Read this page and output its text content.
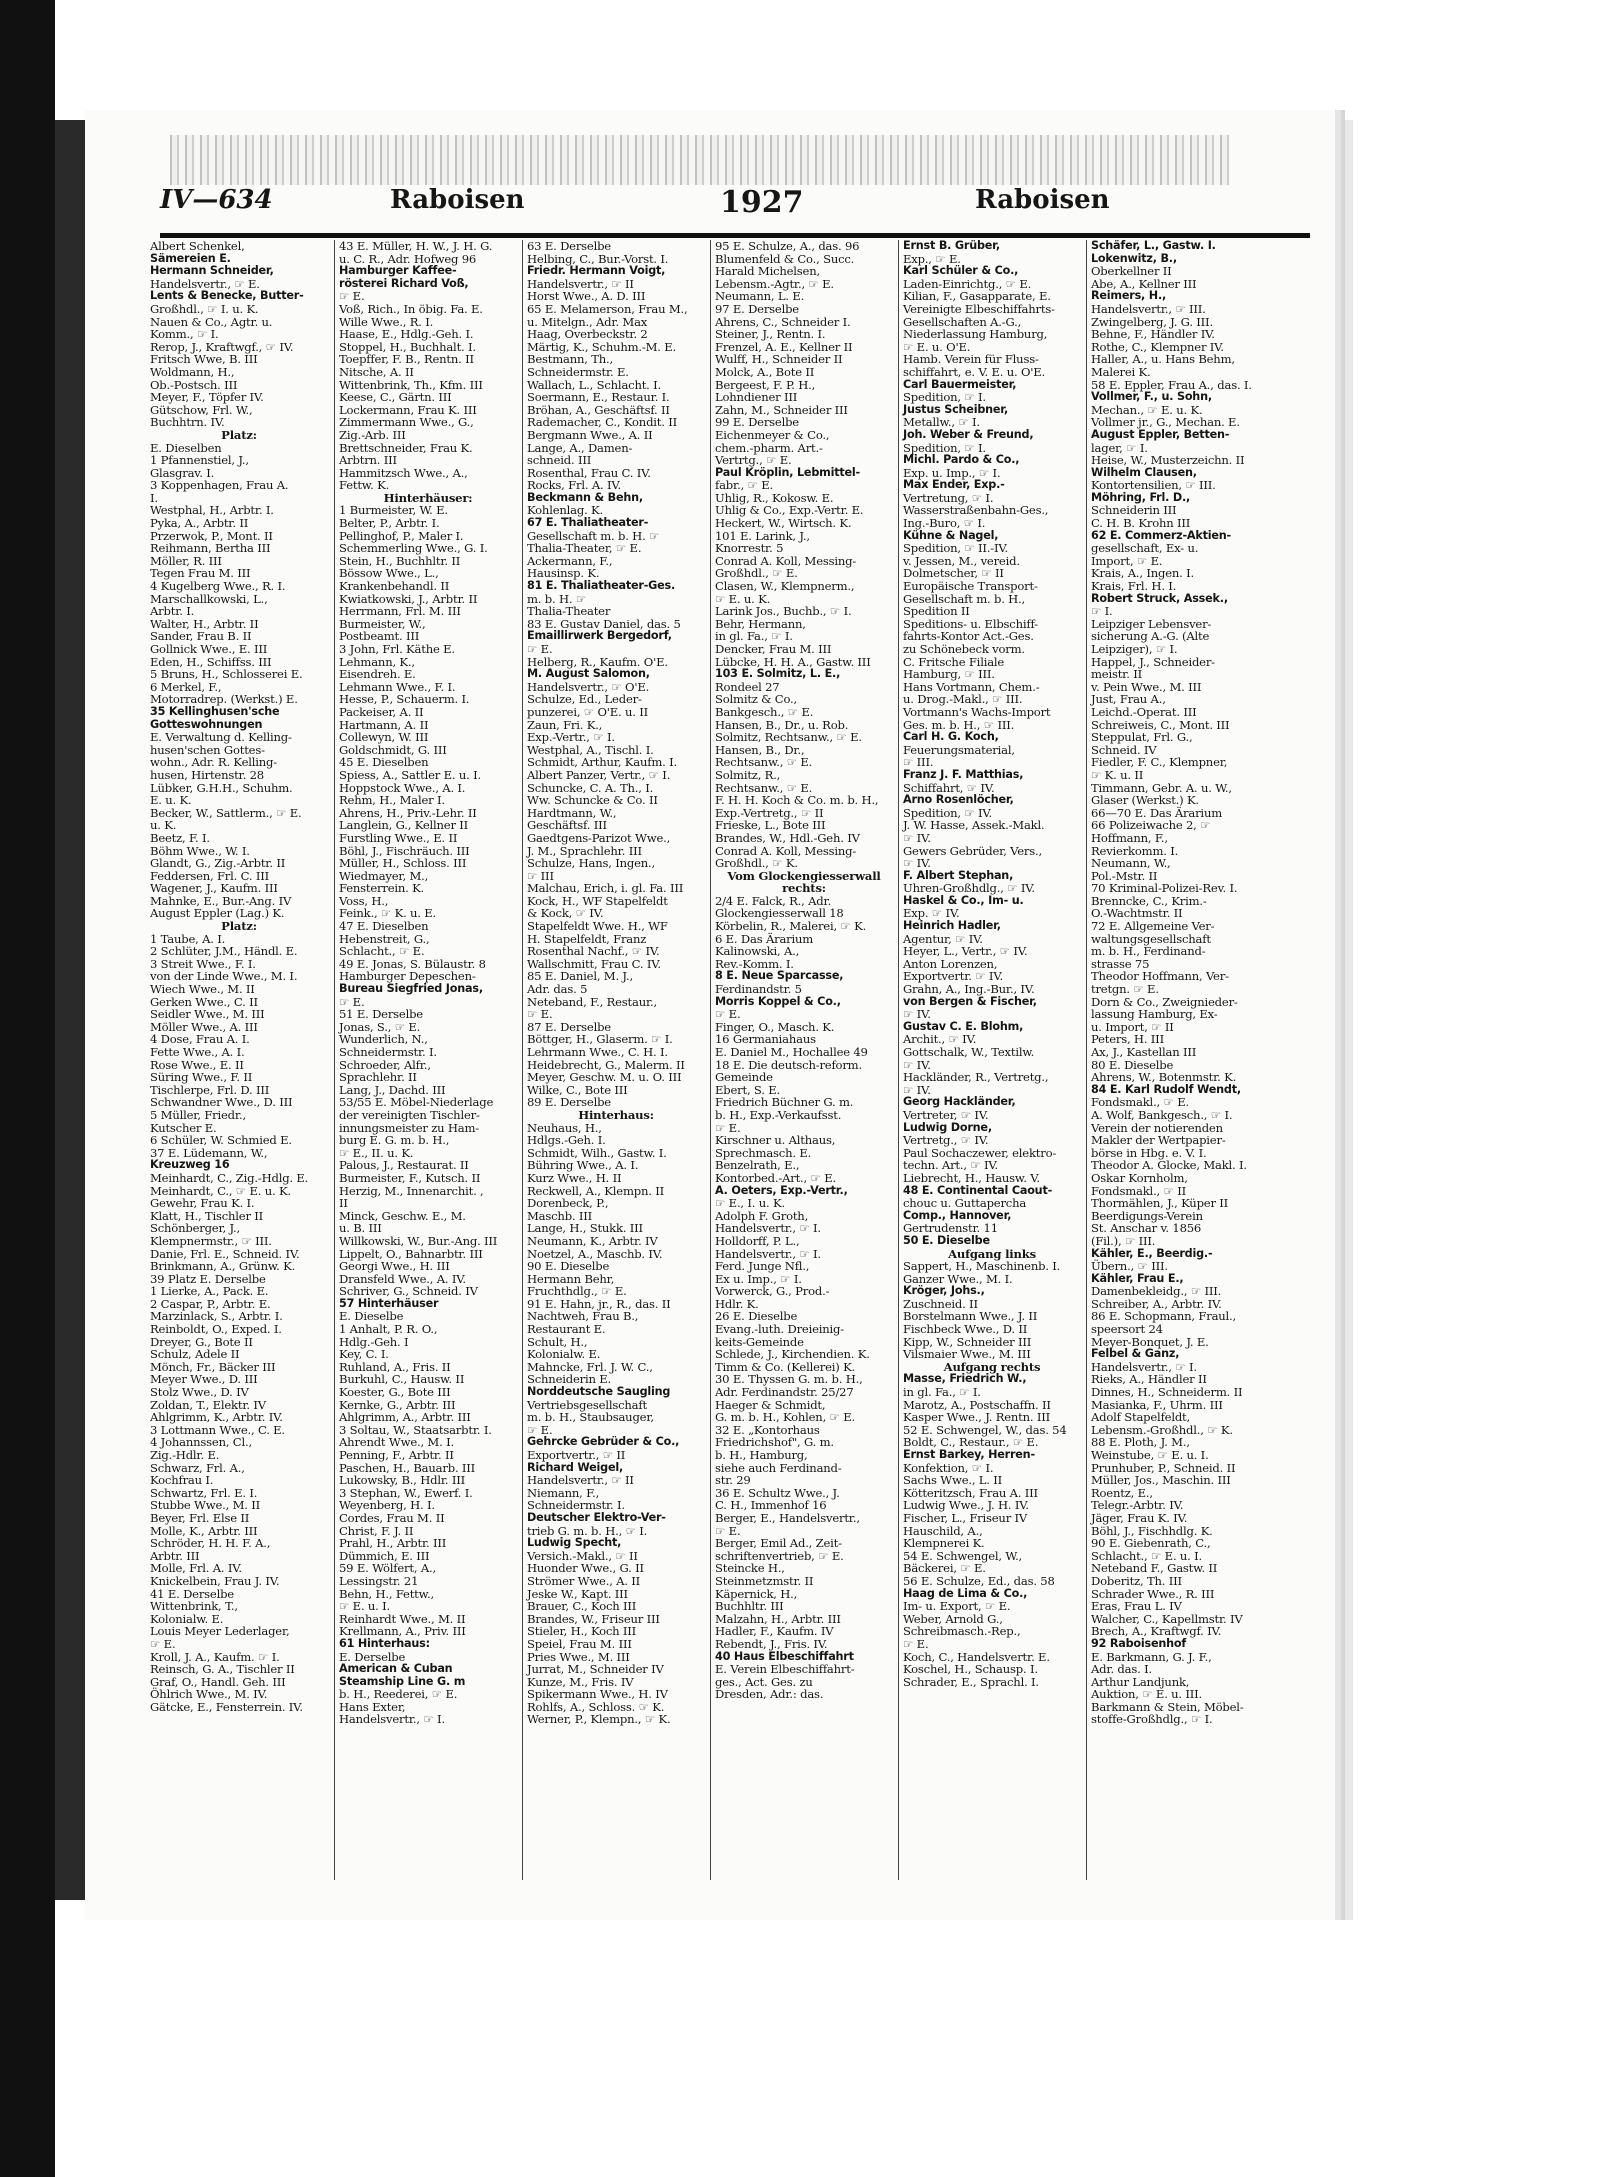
IV—634	Raboisen	1927	Raboisen
Albert Schenkel,
Sämereien E.
Hermann Schneider,
Handelsvertr., ☞ E.
Lents & Benecke, Butter-
Großhdl., ☞ I. u. K.
Nauen & Co., Agtr. u.
Komm., ☞ I.
Rerop, J., Kraftwgf., ☞ IV.
Fritsch Wwe, B. III
Woldmann, H.,
Ob.-Postsch. III
Meyer, F., Töpfer IV.
Gütschow, Frl. W.,
Buchhtrn. IV.
Platz:
E. Dieselben
1 Pfannenstiel, J.,
Glasgrav. I.
3 Koppenhagen, Frau A.
I.
Westphal, H., Arbtr. I.
Pyka, A., Arbtr. II
Przerwok, P., Mont. II
Reihmann, Bertha III
Möller, R. III
Tegen Frau M. III
4 Kugelberg Wwe., R. I.
Marschallkowski, L.,
Arbtr. I.
Walter, H., Arbtr. II
Sander, Frau B. II
Gollnick Wwe., E. III
Eden, H., Schiffss. III
5 Bruns, H., Schlosserei E.
6 Merkel, F.,
Motorradrep. (Werkst.) E.
35 Kellinghusen'sche
Gotteswohnungen
E. Verwaltung d. Kelling-
husen'schen Gottes-
wohn., Adr. R. Kelling-
husen, Hirtenstr. 28
Lübker, G.H.H., Schuhm.
E. u. K.
Becker, W., Sattlerm., ☞ E.
u. K.
Beetz, F. I.
Böhm Wwe., W. I.
Glandt, G., Zig.-Arbtr. II
Feddersen, Frl. C. III
Wagener, J., Kaufm. III
Mahnke, E., Bur.-Ang. IV
August Eppler (Lag.) K.
Platz:
1 Taube, A. I.
2 Schlüter, J.M., Händl. E.
3 Streit Wwe., F. I.
von der Linde Wwe., M. I.
Wiech Wwe., M. II
Gerken Wwe., C. II
Seidler Wwe., M. III
Möller Wwe., A. III
4 Dose, Frau A. I.
Fette Wwe., A. I.
Rose Wwe., E. II
Süring Wwe., F. II
Tischlerpe, Frl. D. III
Schwandner Wwe., D. III
5 Müller, Friedr.,
Kutscher E.
6 Schüler, W. Schmied E.
37 E. Lüdemann, W.,
Kreuzweg 16
Meinhardt, C., Zig.-Hdlg. E.
Meinhardt, C., ☞ E. u. K.
Gewehr, Frau K. I.
Klatt, H., Tischler II
Schönberger, J.,
Klempnermstr., ☞ III.
Danie, Frl. E., Schneid. IV.
Brinkmann, A., Grünw. K.
39 Platz E. Derselbe
1 Lierke, A., Pack. E.
2 Caspar, P., Arbtr. E.
Marzinlack, S., Arbtr. I.
Reinboldt, O., Exped. I.
Dreyer, G., Bote II
Schulz, Adele II
Mönch, Fr., Bäcker III
Meyer Wwe., D. III
Stolz Wwe., D. IV
Zoldan, T., Elektr. IV
Ahlgrimm, K., Arbtr. IV.
3 Lottmann Wwe., C. E.
4 Johannssen, Cl.,
Zig.-Hdlr. E.
Schwarz, Frl. A.,
Kochfrau I.
Schwartz, Frl. E. I.
Stubbe Wwe., M. II
Beyer, Frl. Else II
Molle, K., Arbtr. III
Schröder, H. H. F. A.,
Arbtr. III
Molle, Frl. A. IV.
Knickelbein, Frau J. IV.
41 E. Derselbe
Wittenbrink, T.,
Kolonialw. E.
Louis Meyer Lederlager,
☞ E.
Kroll, J. A., Kaufm. ☞ I.
Reinsch, G. A., Tischler II
Graf, O., Handl. Geh. III
Öhlrich Wwe., M. IV.
Gätcke, E., Fensterrein. IV.
43 E. Müller, H. W., J. H. G.
u. C. R., Adr. Hofweg 96
Hamburger Kaffee-
rösterei Richard Voß,
☞ E.
Voß, Rich., In öbig. Fa. E.
Wille Wwe., R. I.
Haase, E., Hdlg.-Geh. I.
Stoppel, H., Buchhalt. I.
Toepffer, F. B., Rentn. II
Nitsche, A. II
Wittenbrink, Th., Kfm. III
Keese, C., Gärtn. III
Lockermann, Frau K. III
Zimmermann Wwe., G.,
Zig.-Arb. III
Brettschneider, Frau K.
Arbtrn. III
Hammitzsch Wwe., A.,
Fettw. K.
Hinterhäuser:
1 Burmeister, W. E.
Belter, P., Arbtr. I.
Pellinghof, P., Maler I.
Schemmerling Wwe., G. I.
Stein, H., Buchhltr. II
Bössow Wwe., L.,
Krankenbehandl. II
Kwiatkowski, J., Arbtr. II
Herrmann, Frl. M. III
Burmeister, W.,
Postbeamt. III
3 John, Frl. Käthe E.
Lehmann, K.,
Eisendreh. E.
Lehmann Wwe., F. I.
Hesse, P., Schauerm. I.
Packeiser, A. II
Hartmann, A. II
Collewyn, W. III
Goldschmidt, G. III
45 E. Dieselben
Spiess, A., Sattler E. u. I.
Hoppstock Wwe., A. I.
Rehm, H., Maler I.
Ahrens, H., Priv.-Lehr. II
Langlein, G., Kellner II
Furstling Wwe., E. II
Böhl, J., Fischräuch. III
Müller, H., Schloss. III
Wiedmayer, M.,
Fensterrein. K.
Voss, H.,
Feink., ☞ K. u. E.
47 E. Dieselben
Hebenstreit, G.,
Schlacht., ☞ E.
49 E. Jonas, S. Bülaustr. 8
Hamburger Depeschen-
Bureau Siegfried Jonas,
☞ E.
51 E. Derselbe
Jonas, S., ☞ E.
Wunderlich, N.,
Schneidermstr. I.
Schroeder, Alfr.,
Sprachlehr. II
Lang, J., Dachd. III
53/55 E. Möbel-Niederlage
der vereinigten Tischler-
innungsmeister zu Ham-
burg E. G. m. b. H.,
☞ E., II. u. K.
Palous, J., Restaurat. II
Burmeister, F., Kutsch. II
Herzig, M., Innenarchit. ,
II
Minck, Geschw. E., M.
u. B. III
Willkowski, W., Bur.-Ang. III
Lippelt, O., Bahnarbtr. III
Georgi Wwe., H. III
Dransfeld Wwe., A. IV.
Schriver, G., Schneid. IV
57 Hinterhäuser
E. Dieselbe
1 Anhalt, P. R. O.,
Hdlg.-Geh. I
Key, C. I.
Ruhland, A., Fris. II
Burkuhl, C., Hausw. II
Koester, G., Bote III
Kernke, G., Arbtr. III
Ahlgrimm, A., Arbtr. III
3 Soltau, W., Staatsarbtr. I.
Ahrendt Wwe., M. I.
Penning, F., Arbtr. II
Paschen, H., Bauarb. III
Lukowsky, B., Hdlr. III
3 Stephan, W., Ewerf. I.
Weyenberg, H. I.
Cordes, Frau M. II
Christ, F. J. II
Prahl, H., Arbtr. III
Dümmich, E. III
59 E. Wölfert, A.,
Lessingstr. 21
Behn, H., Fettw.,
☞ E. u. I.
Reinhardt Wwe., M. II
Krellmann, A., Priv. III
61 Hinterhaus:
E. Derselbe
American & Cuban
Steamship Line G. m
b. H., Reederei, ☞ E.
Hans Exter,
Handelsvertr., ☞ I.
63 E. Derselbe
Helbing, C., Bur.-Vorst. I.
Friedr. Hermann Voigt,
Handelsvertr., ☞ II
Horst Wwe., A. D. III
65 E. Melamerson, Frau M.,
u. Mitelgn., Adr. Max
Haag, Overbeckstr. 2
Märtig, K., Schuhm.-M. E.
Bestmann, Th.,
Schneidermstr. E.
Wallach, L., Schlacht. I.
Soermann, E., Restaur. I.
Bröhan, A., Geschäftsf. II
Rademacher, C., Kondit. II
Bergmann Wwe., A. II
Lange, A., Damen-
schneid. III
Rosenthal, Frau C. IV.
Rocks, Frl. A. IV.
Beckmann & Behn,
Kohlenlag. K.
67 E. Thaliatheater-
Gesellschaft m. b. H. ☞
Thalia-Theater, ☞ E.
Ackermann, F.,
Hausinsp. K.
81 E. Thaliatheater-Ges.
m. b. H. ☞
Thalia-Theater
83 E. Gustav Daniel, das. 5
Emaillirwerk Bergedorf,
☞ E.
Helberg, R., Kaufm. O'E.
M. August Salomon,
Handelsvertr., ☞ O'E.
Schulze, Ed., Leder-
punzerei, ☞ O'E. u. II
Zaun, Fri. K.,
Exp.-Vertr., ☞ I.
Westphal, A., Tischl. I.
Schmidt, Arthur, Kaufm. I.
Albert Panzer, Vertr., ☞ I.
Schuncke, C. A. Th., I.
Ww. Schuncke & Co. II
Hardtmann, W.,
Geschäftsf. III
Gaedtgens-Parizot Wwe.,
J. M., Sprachlehr. III
Schulze, Hans, Ingen.,
☞ III
Malchau, Erich, i. gl. Fa. III
Kock, H., WF Stapelfeldt
& Kock, ☞ IV.
Stapelfeldt Wwe. H., WF
H. Stapelfeldt, Franz
Rosenthal Nachf., ☞ IV.
Wallschmitt, Frau C. IV.
85 E. Daniel, M. J.,
Adr. das. 5
Neteband, F., Restaur.,
☞ E.
87 E. Derselbe
Böttger, H., Glaserm. ☞ I.
Lehrmann Wwe., C. H. I.
Heidebrecht, G., Malerm. II
Meyer, Geschw. M. u. O. III
Wilke, C., Bote III
89 E. Derselbe
Hinterhaus:
Neuhaus, H.,
Hdlgs.-Geh. I.
Schmidt, Wilh., Gastw. I.
Bühring Wwe., A. I.
Kurz Wwe., H. II
Reckwell, A., Klempn. II
Dorenbeck, P.,
Maschb. III
Lange, H., Stukk. III
Neumann, K., Arbtr. IV
Noetzel, A., Maschb. IV.
90 E. Dieselbe
Hermann Behr,
Fruchthdlg., ☞ E.
91 E. Hahn, jr., R., das. II
Nachtweh, Frau B.,
Restaurant E.
Schult, H.,
Kolonialw. E.
Mahncke, Frl. J. W. C.,
Schneiderin E.
Norddeutsche Saugling
Vertriebsgesellschaft
m. b. H., Staubsauger,
☞ E.
Gehrcke Gebrüder & Co.,
Exportvertr., ☞ II
Richard Weigel,
Handelsvertr., ☞ II
Niemann, F.,
Schneidermstr. I.
Deutscher Elektro-Ver-
trieb G. m. b. H., ☞ I.
Ludwig Specht,
Versich.-Makl., ☞ II
Huonder Wwe., G. II
Strömer Wwe., A. II
Jeske W., Kapt. III
Brauer, C., Koch III
Brandes, W., Friseur III
Stieler, H., Koch III
Speiel, Frau M. III
Pries Wwe., M. III
Jurrat, M., Schneider IV
Kunze, M., Fris. IV
Spikermann Wwe., H. IV
Rohlfs, A., Schloss. ☞ K.
Werner, P., Klempn., ☞ K.
95 E. Schulze, A., das. 96
Blumenfeld & Co., Succ.
Harald Michelsen,
Lebensm.-Agtr., ☞ E.
Neumann, L. E.
97 E. Derselbe
Ahrens, C., Schneider I.
Steiner, J., Rentn. I.
Frenzel, A. E., Kellner II
Wulff, H., Schneider II
Molck, A., Bote II
Bergeest, F. P. H.,
Lohndiener III
Zahn, M., Schneider III
99 E. Derselbe
Eichenmeyer & Co.,
chem.-pharm. Art.-
Vertrtg., ☞ E.
Paul Kröplin, Lebmittel-
fabr., ☞ E.
Uhlig, R., Kokosw. E.
Uhlig & Co., Exp.-Vertr. E.
Heckert, W., Wirtsch. K.
101 E. Larink, J.,
Knorrestr. 5
Conrad A. Koll, Messing-
Großhdl., ☞ E.
Clasen, W., Klempnerm.,
☞ E. u. K.
Larink Jos., Buchb., ☞ I.
Behr, Hermann,
in gl. Fa., ☞ I.
Dencker, Frau M. III
Lübcke, H. H. A., Gastw. III
103 E. Solmitz, L. E.,
Rondeel 27
Solmitz & Co.,
Bankgesch., ☞ E.
Hansen, B., Dr., u. Rob.
Solmitz, Rechtsanw., ☞ E.
Hansen, B., Dr.,
Rechtsanw., ☞ E.
Solmitz, R.,
Rechtsanw., ☞ E.
F. H. H. Koch & Co. m. b. H.,
Exp.-Vertretg., ☞ II
Frieske, L., Bote III
Brandes, W., Hdl.-Geh. IV
Conrad A. Koll, Messing-
Großhdl., ☞ K.
Vom Glockengiesserwall
rechts:
2/4 E. Falck, R., Adr.
Glockengiesserwall 18
Körbelin, R., Malerei, ☞ K.
6 E. Das Ärarium
Kalinowski, A.,
Rev.-Komm. I.
8 E. Neue Sparcasse,
Ferdinandstr. 5
Morris Koppel & Co.,
☞ E.
Finger, O., Masch. K.
16 Germaniahaus
E. Daniel M., Hochallee 49
18 E. Die deutsch-reform.
Gemeinde
Ebert, S. E.
Friedrich Büchner G. m.
b. H., Exp.-Verkaufsst.
☞ E.
Kirschner u. Althaus,
Sprechmasch. E.
Benzelrath, E.,
Kontorbed.-Art., ☞ E.
A. Oeters, Exp.-Vertr.,
☞ E., I. u. K.
Adolph F. Groth,
Handelsvertr., ☞ I.
Holldorff, P. L.,
Handelsvertr., ☞ I.
Ferd. Junge Nfl.,
Ex u. Imp., ☞ I.
Vorwerck, G., Prod.-
Hdlr. K.
26 E. Dieselbe
Evang.-luth. Dreieinig-
keits-Gemeinde
Schlede, J., Kirchendien. K.
Timm & Co. (Kellerei) K.
30 E. Thyssen G. m. b. H.,
Adr. Ferdinandstr. 25/27
Haeger & Schmidt,
G. m. b. H., Kohlen, ☞ E.
32 E. „Kontorhaus
Friedrichshof", G. m.
b. H., Hamburg,
siehe auch Ferdinand-
str. 29
36 E. Schultz Wwe., J.
C. H., Immenhof 16
Berger, E., Handelsvertr.,
☞ E.
Berger, Emil Ad., Zeit-
schriftenvertrieb, ☞ E.
Steincke H.,
Steinmetzmstr. II
Käpernick, H.,
Buchhltr. III
Malzahn, H., Arbtr. III
Hadler, F., Kaufm. IV
Rebendt, J., Fris. IV.
40 Haus Elbeschiffahrt
E. Verein Elbeschiffahrt-
ges., Act. Ges. zu
Dresden, Adr.: das.
Ernst B. Grüber,
Exp., ☞ E.
Karl Schüler & Co.,
Laden-Einrichtg., ☞ E.
Kilian, F., Gasapparate, E.
Vereinigte Elbeschiffahrts-
Gesellschaften A.-G.,
Niederlassung Hamburg,
☞ E. u. O'E.
Hamb. Verein für Fluss-
schiffahrt, e. V. E. u. O'E.
Carl Bauermeister,
Spedition, ☞ I.
Justus Scheibner,
Metallw., ☞ I.
Joh. Weber & Freund,
Spedition, ☞ I.
Michl. Pardo & Co.,
Exp. u. Imp., ☞ I.
Max Ender, Exp.-
Vertretung, ☞ I.
Wasserstraßenbahn-Ges.,
Ing.-Buro, ☞ I.
Kühne & Nagel,
Spedition, ☞ II.-IV.
v. Jessen, M., vereid.
Dolmetscher, ☞ II
Europäische Transport-
Gesellschaft m. b. H.,
Spedition II
Speditions- u. Elbschiff-
fahrts-Kontor Act.-Ges.
zu Schönebeck vorm.
C. Fritsche Filiale
Hamburg, ☞ III.
Hans Vortmann, Chem.-
u. Drog.-Makl., ☞ III.
Vortmann's Wachs-Import
Ges. m. b. H., ☞ III.
Carl H. G. Koch,
Feuerungsmaterial,
☞ III.
Franz J. F. Matthias,
Schiffahrt, ☞ IV.
Arno Rosenlöcher,
Spedition, ☞ IV.
J. W. Hasse, Assek.-Makl.
☞ IV.
Gewers Gebrüder, Vers.,
☞ IV.
F. Albert Stephan,
Uhren-Großhdlg., ☞ IV.
Haskel & Co., Im- u.
Exp. ☞ IV.
Heinrich Hadler,
Agentur, ☞ IV.
Heyer, L., Vertr., ☞ IV.
Anton Lorenzen,
Exportvertr. ☞ IV.
Grahn, A., Ing.-Bur., IV.
von Bergen & Fischer,
☞ IV.
Gustav C. E. Blohm,
Archit., ☞ IV.
Gottschalk, W., Textilw.
☞ IV.
Hackländer, R., Vertretg.,
☞ IV.
Georg Hackländer,
Vertreter, ☞ IV.
Ludwig Dorne,
Vertretg., ☞ IV.
Paul Sochaczewer, elektro-
techn. Art., ☞ IV.
Liebrecht, H., Hausw. V.
48 E. Continental Caout-
chouc u. Guttapercha
Comp., Hannover,
Gertrudenstr. 11
50 E. Dieselbe
Aufgang links
Sappert, H., Maschinenb. I.
Ganzer Wwe., M. I.
Kröger, Johs.,
Zuschneid. II
Borstelmann Wwe., J. II
Fischbeck Wwe., D. II
Kipp, W., Schneider III
Vilsmaier Wwe., M. III
Aufgang rechts
Masse, Friedrich W.,
in gl. Fa., ☞ I.
Marotz, A., Postschaffn. II
Kasper Wwe., J. Rentn. III
52 E. Schwengel, W., das. 54
Boldt, C., Restaur., ☞ E.
Ernst Barkey, Herren-
Konfektion, ☞ I.
Sachs Wwe., L. II
Kötteritzsch, Frau A. III
Ludwig Wwe., J. H. IV.
Fischer, L., Friseur IV
Hauschild, A.,
Klempnerei K.
54 E. Schwengel, W.,
Bäckerei, ☞ E.
56 E. Schulze, Ed., das. 58
Haag de Lima & Co.,
Im- u. Export, ☞ E.
Weber, Arnold G.,
Schreibmasch.-Rep.,
☞ E.
Koch, C., Handelsvertr. E.
Koschel, H., Schausp. I.
Schrader, E., Sprachl. I.
Schäfer, L., Gastw. I.
Lokenwitz, B.,
Oberkellner II
Abe, A., Kellner III
Reimers, H.,
Handelsvertr., ☞ III.
Zwingelberg, J. G. III.
Behne, F., Händler IV.
Rothe, C., Klempner IV.
Haller, A., u. Hans Behm,
Malerei K.
58 E. Eppler, Frau A., das. I.
Vollmer, F., u. Sohn,
Mechan., ☞ E. u. K.
Vollmer jr., G., Mechan. E.
August Eppler, Betten-
lager, ☞ I.
Heise, W., Musterzeichn. II
Wilhelm Clausen,
Kontortensilien, ☞ III.
Möhring, Frl. D.,
Schneiderin III
C. H. B. Krohn III
62 E. Commerz-Aktien-
gesellschaft, Ex- u.
Import, ☞ E.
Krais, A., Ingen. I.
Krais, Frl. H. I.
Robert Struck, Assek.,
☞ I.
Leipziger Lebensver-
sicherung A.-G. (Alte
Leipziger), ☞ I.
Happel, J., Schneider-
meistr. II
v. Pein Wwe., M. III
Just, Frau A.,
Leichd.-Operat. III
Schreiweis, C., Mont. III
Steppulat, Frl. G.,
Schneid. IV
Fiedler, F. C., Klempner,
☞ K. u. II
Timmann, Gebr. A. u. W.,
Glaser (Werkst.) K.
66—70 E. Das Ärarium
66 Polizeiwache 2, ☞
Hoffmann, F.,
Revierkomm. I.
Neumann, W.,
Pol.-Mstr. II
70 Kriminal-Polizei-Rev. I.
Brenncke, C., Krim.-
O.-Wachtmstr. II
72 E. Allgemeine Ver-
waltungsgesellschaft
m. b. H., Ferdinand-
strasse 75
Theodor Hoffmann, Ver-
tretgn. ☞ E.
Dorn & Co., Zweignieder-
lassung Hamburg, Ex-
u. Import, ☞ II
Peters, H. III
Ax, J., Kastellan III
80 E. Dieselbe
Ahrens, W., Botenmstr. K.
84 E. Karl Rudolf Wendt,
Fondsmakl., ☞ E.
A. Wolf, Bankgesch., ☞ I.
Verein der notierenden
Makler der Wertpapier-
börse in Hbg. e. V. I.
Theodor A. Glocke, Makl. I.
Oskar Kornholm,
Fondsmakl., ☞ II
Thormählen, J., Küper II
Beerdigungs-Verein
St. Anschar v. 1856
(Fil.), ☞ III.
Kähler, E., Beerdig.-
Übern., ☞ III.
Kähler, Frau E.,
Damenbekleidg., ☞ III.
Schreiber, A., Arbtr. IV.
86 E. Schopmann, Fraul.,
speersort 24
Meyer-Bonquet, J. E.
Felbel & Ganz,
Handelsvertr., ☞ I.
Rieks, A., Händler II
Dinnes, H., Schneiderm. II
Masianka, F., Uhrm. III
Adolf Stapelfeldt,
Lebensm.-Großhdl., ☞ K.
88 E. Ploth, J. M.,
Weinstube, ☞ E. u. I.
Prunhuber, P., Schneid. II
Müller, Jos., Maschin. III
Roentz, E.,
Telegr.-Arbtr. IV.
Jäger, Frau K. IV.
Böhl, J., Fischhdlg. K.
90 E. Giebenrath, C.,
Schlacht., ☞ E. u. I.
Neteband F., Gastw. II
Doberitz, Th. III
Schrader Wwe., R. III
Eras, Frau L. IV
Walcher, C., Kapellmstr. IV
Brech, A., Kraftwgf. IV.
92 Raboisenhof
E. Barkmann, G. J. F.,
Adr. das. I.
Arthur Landjunk,
Auktion, ☞ E. u. III.
Barkmann & Stein, Möbel-
stoffe-Großhdlg., ☞ I.
